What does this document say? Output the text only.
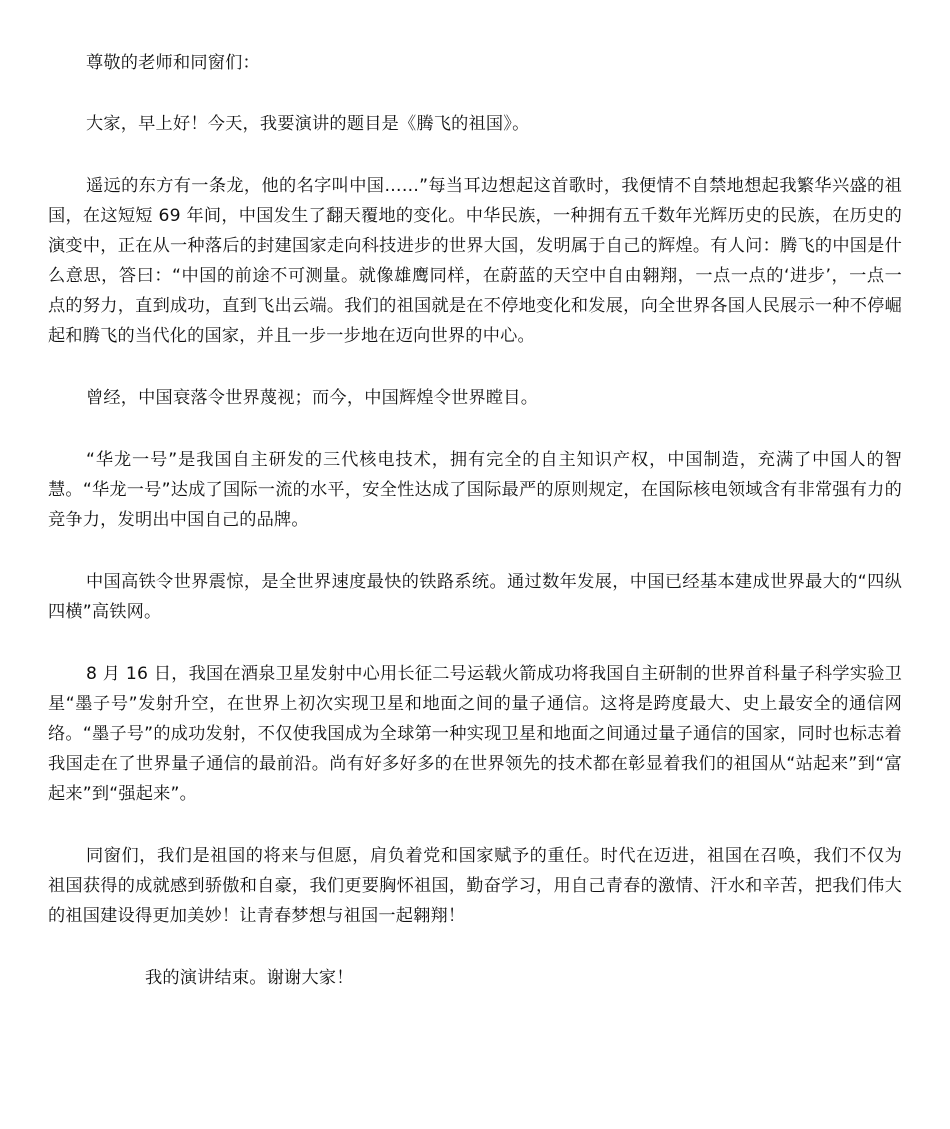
尊敬的老师和同窗们：

大家，早上好！今天，我要演讲的题目是《腾飞的祖国》。

遥远的东方有一条龙，他的名字叫中国……”每当耳边想起这首歌时，我便情不自禁地想起我繁华兴盛的祖国，在这短短 69 年间，中国发生了翻天覆地的变化。中华民族，一种拥有五千数年光辉历史的民族，在历史的演变中，正在从一种落后的封建国家走向科技进步的世界大国，发明属于自己的辉煌。有人问：腾飞的中国是什么意思，答曰：“中国的前途不可测量。就像雄鹰同样，在蔚蓝的天空中自由翱翔，一点一点的‘进步’，一点一点的努力，直到成功，直到飞出云端。我们的祖国就是在不停地变化和发展，向全世界各国人民展示一种不停崛起和腾飞的当代化的国家，并且一步一步地在迈向世界的中心。

曾经，中国衰落令世界蔑视；而今，中国辉煌令世界瞠目。

“华龙一号”是我国自主研发的三代核电技术，拥有完全的自主知识产权，中国制造，充满了中国人的智慧。“华龙一号”达成了国际一流的水平，安全性达成了国际最严的原则规定，在国际核电领域含有非常强有力的竞争力，发明出中国自己的品牌。

中国高铁令世界震惊，是全世界速度最快的铁路系统。通过数年发展，中国已经基本建成世界最大的“四纵四横”高铁网。

8 月 16 日，我国在酒泉卫星发射中心用长征二号运载火箭成功将我国自主研制的世界首科量子科学实验卫星“墨子号”发射升空，在世界上初次实现卫星和地面之间的量子通信。这将是跨度最大、史上最安全的通信网络。“墨子号”的成功发射，不仅使我国成为全球第一种实现卫星和地面之间通过量子通信的国家，同时也标志着我国走在了世界量子通信的最前沿。尚有好多好多的在世界领先的技术都在彰显着我们的祖国从“站起来”到“富起来”到“强起来”。

同窗们，我们是祖国的将来与但愿，肩负着党和国家赋予的重任。时代在迈进，祖国在召唤，我们不仅为祖国获得的成就感到骄傲和自豪，我们更要胸怀祖国，勤奋学习，用自己青春的激情、汗水和辛苦，把我们伟大的祖国建设得更加美妙！让青春梦想与祖国一起翱翔！

我的演讲结束。谢谢大家！
